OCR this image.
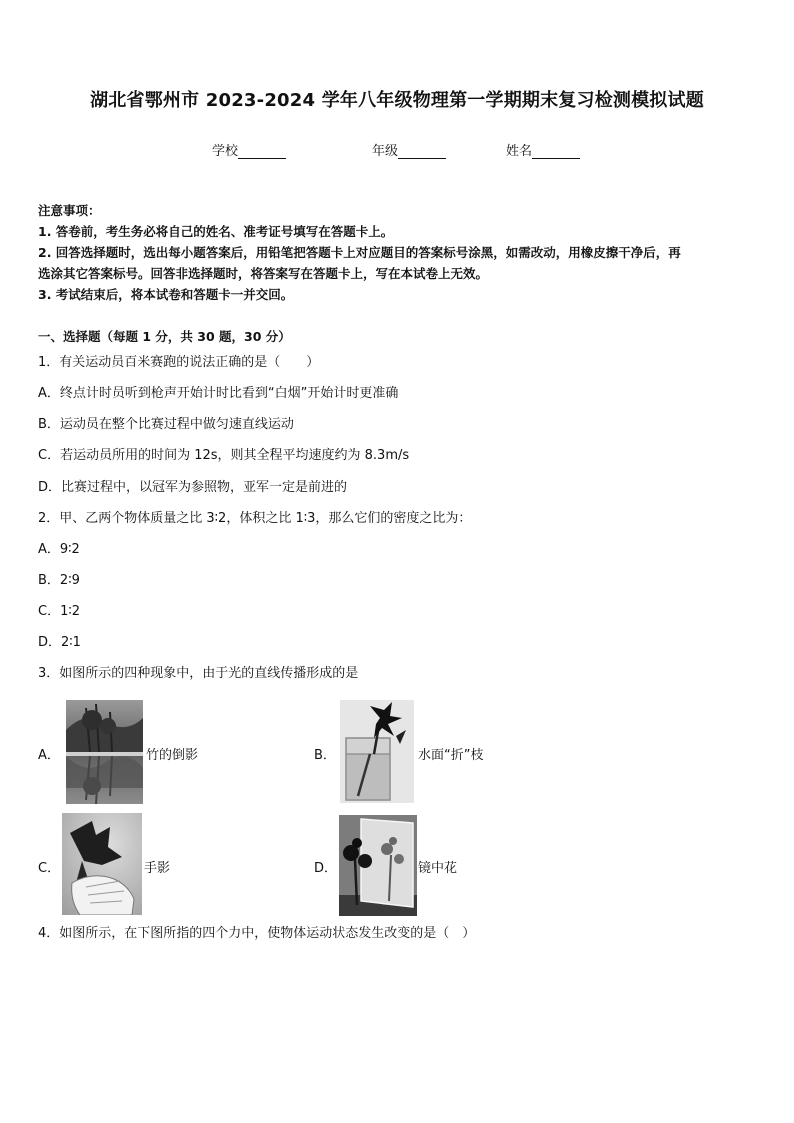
湖北省鄂州市 2023-2024 学年八年级物理第一学期期末复习检测模拟试题
学校	年级	姓名
注意事项：
1. 答卷前，考生务必将自己的姓名、准考证号填写在答题卡上。
2. 回答选择题时，选出每小题答案后，用铅笔把答题卡上对应题目的答案标号涂黑，如需改动，用橡皮擦干净后，再
选涂其它答案标号。回答非选择题时，将答案写在答题卡上，写在本试卷上无效。
3. 考试结束后，将本试卷和答题卡一并交回。
一、选择题（每题 1 分，共 30 题，30 分）
1．有关运动员百米赛跑的说法正确的是（　　）
A．终点计时员听到枪声开始计时比看到“白烟”开始计时更准确
B．运动员在整个比赛过程中做匀速直线运动
C．若运动员所用的时间为 12s，则其全程平均速度约为 8.3m/s
D．比赛过程中，以冠军为参照物，亚军一定是前进的
2．甲、乙两个物体质量之比 3∶2，体积之比 1∶3，那么它们的密度之比为：
A．9∶2
B．2∶9
C．1∶2
D．2∶1
3．如图所示的四种现象中，由于光的直线传播形成的是
A．	竹的倒影	B．	水面“折”枝
C．	手影	D．	镜中花
4．如图所示，在下图所指的四个力中，使物体运动状态发生改变的是（　）
